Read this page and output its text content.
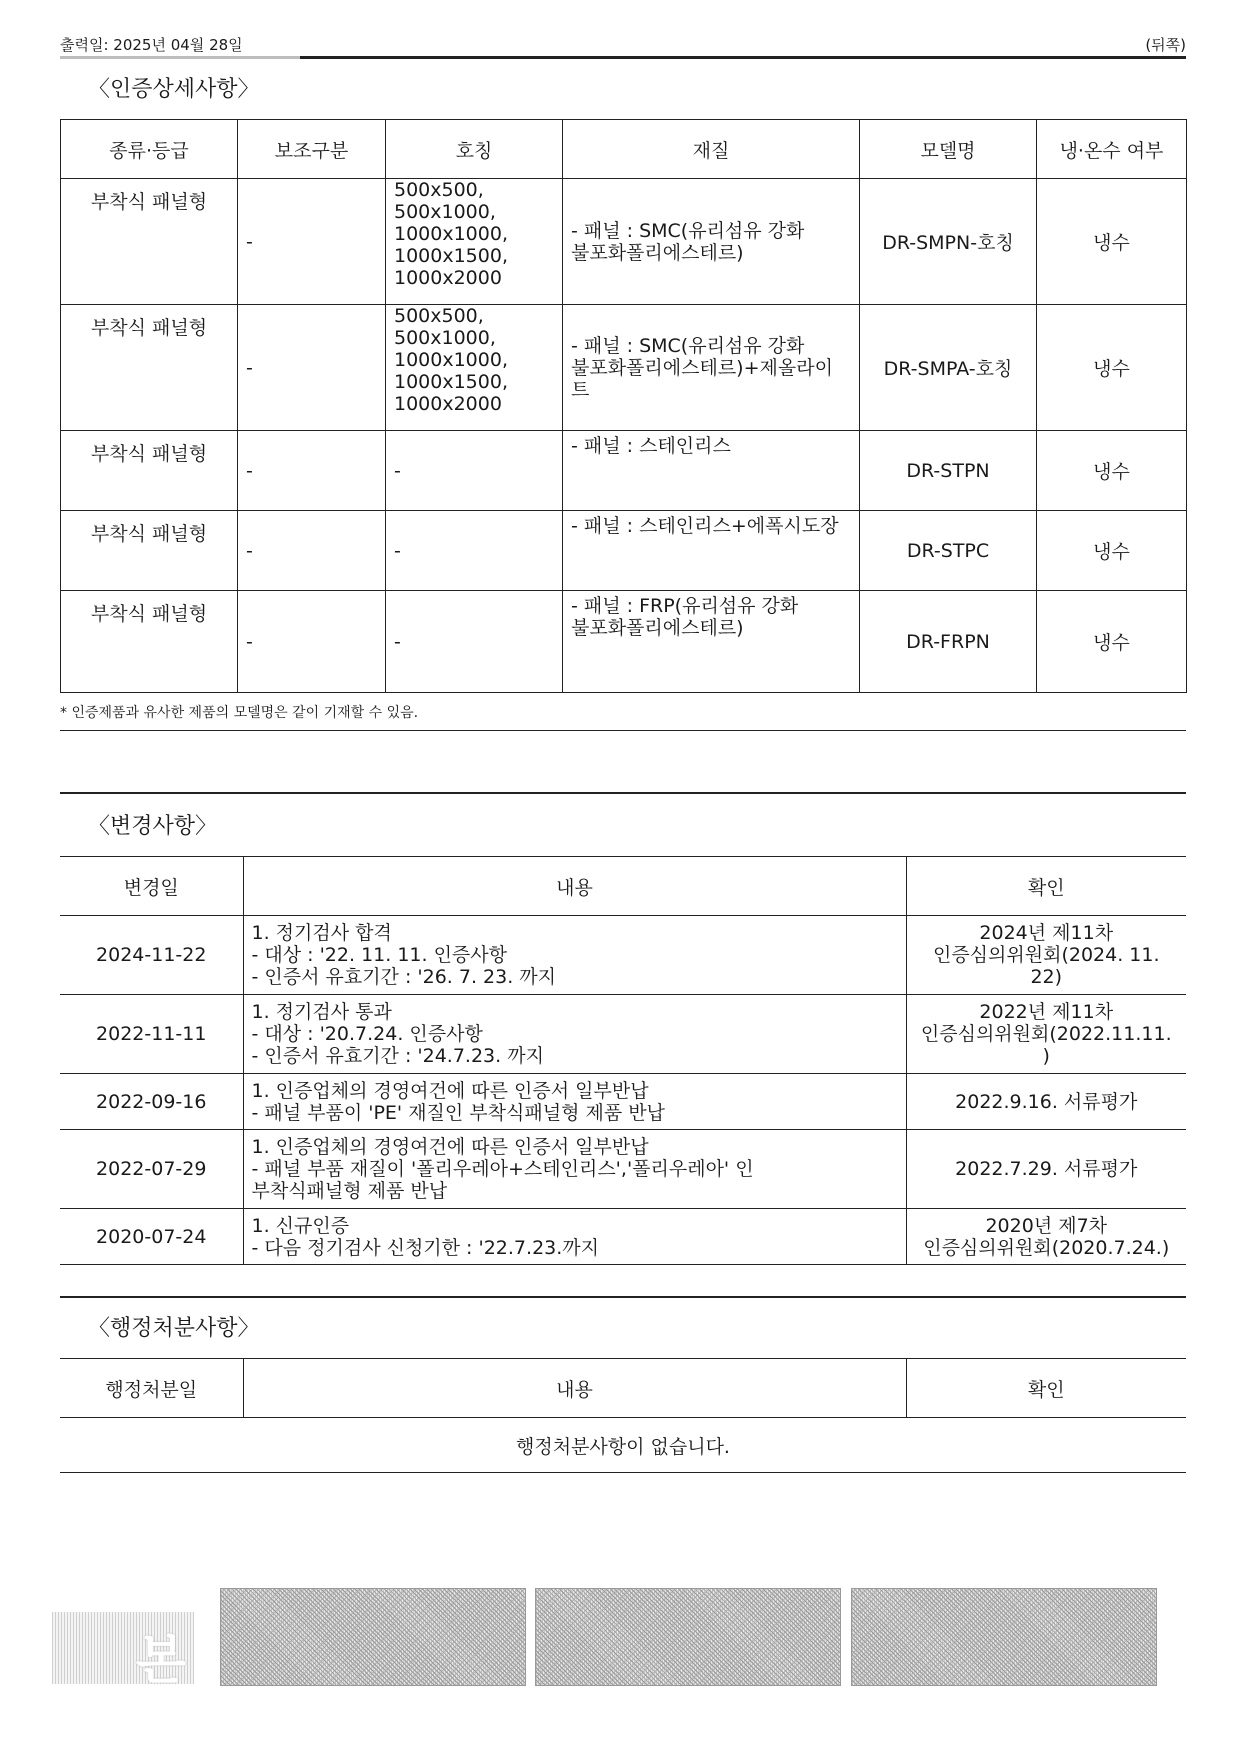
출력일: 2025년 04월 28일	(뒤쪽)
〈인증상세사항〉
종류·등급	보조구분	호칭	재질	모델명	냉·온수 여부
부착식 패널형	-	500x500,
500x1000,
1000x1000,
1000x1500,
1000x2000	- 패널 : SMC(유리섬유 강화
불포화폴리에스테르)	DR-SMPN-호칭	냉수
부착식 패널형	-	500x500,
500x1000,
1000x1000,
1000x1500,
1000x2000	- 패널 : SMC(유리섬유 강화
불포화폴리에스테르)+제올라이
트	DR-SMPA-호칭	냉수
부착식 패널형	-	-	- 패널 : 스테인리스	DR-STPN	냉수
부착식 패널형	-	-	- 패널 : 스테인리스+에폭시도장	DR-STPC	냉수
부착식 패널형	-	-	- 패널 : FRP(유리섬유 강화
불포화폴리에스테르)	DR-FRPN	냉수
* 인증제품과 유사한 제품의 모델명은 같이 기재할 수 있음.
〈변경사항〉
변경일	내용	확인
2024-11-22	1. 정기검사 합격
- 대상 : '22. 11. 11. 인증사항
- 인증서 유효기간 : '26. 7. 23. 까지	2024년 제11차
인증심의위원회(2024. 11.
22)
2022-11-11	1. 정기검사 통과
- 대상 : '20.7.24. 인증사항
- 인증서 유효기간 : '24.7.23. 까지	2022년 제11차
인증심의위원회(2022.11.11.
)
2022-09-16	1. 인증업체의 경영여건에 따른 인증서 일부반납
- 패널 부품이 'PE' 재질인 부착식패널형 제품 반납	2022.9.16. 서류평가
2022-07-29	1. 인증업체의 경영여건에 따른 인증서 일부반납
- 패널 부품 재질이 '폴리우레아+스테인리스','폴리우레아' 인
부착식패널형 제품 반납	2022.7.29. 서류평가
2020-07-24	1. 신규인증
- 다음 정기검사 신청기한 : '22.7.23.까지	2020년 제7차
인증심의위원회(2020.7.24.)
〈행정처분사항〉
행정처분일	내용	확인
행정처분사항이 없습니다.
본
